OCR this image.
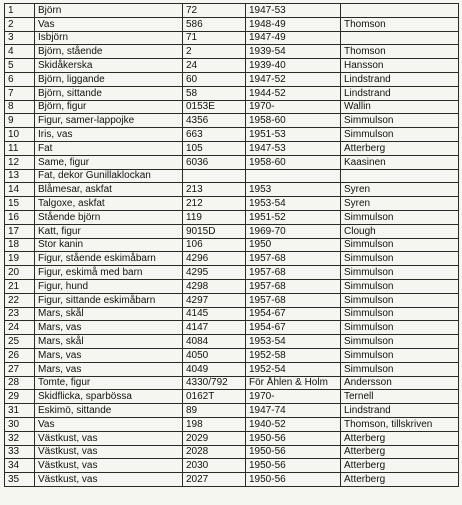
1	Björn	72	1947-53	
2	Vas	586	1948-49	Thomson
3	Isbjörn	71	1947-49	
4	Björn, stående	2	1939-54	Thomson
5	Skidåkerska	24	1939-40	Hansson
6	Björn, liggande	60	1947-52	Lindstrand
7	Björn, sittande	58	1944-52	Lindstrand
8	Björn, figur	0153E	1970-	Wallin
9	Figur, samer-lappojke	4356	1958-60	Simmulson
10	Iris, vas	663	1951-53	Simmulson
11	Fat	105	1947-53	Atterberg
12	Same, figur	6036	1958-60	Kaasinen
13	Fat, dekor Gunillaklockan			
14	Blåmesar, askfat	213	1953	Syren
15	Talgoxe, askfat	212	1953-54	Syren
16	Stående björn	119	1951-52	Simmulson
17	Katt, figur	9015D	1969-70	Clough
18	Stor kanin	106	1950	Simmulson
19	Figur, stående eskimåbarn	4296	1957-68	Simmulson
20	Figur, eskimå med barn	4295	1957-68	Simmulson
21	Figur, hund	4298	1957-68	Simmulson
22	Figur, sittande eskimåbarn	4297	1957-68	Simmulson
23	Mars, skål	4145	1954-67	Simmulson
24	Mars, vas	4147	1954-67	Simmulson
25	Mars, skål	4084	1953-54	Simmulson
26	Mars, vas	4050	1952-58	Simmulson
27	Mars, vas	4049	1952-54	Simmulson
28	Tomte, figur	4330/792	För Åhlen & Holm	Andersson
29	Skidflicka, sparbössa	0162T	1970-	Ternell
31	Eskimö, sittande	89	1947-74	Lindstrand
30	Vas	198	1940-52	Thomson, tillskriven
32	Västkust, vas	2029	1950-56	Atterberg
33	Västkust, vas	2028	1950-56	Atterberg
34	Västkust, vas	2030	1950-56	Atterberg
35	Västkust, vas	2027	1950-56	Atterberg
